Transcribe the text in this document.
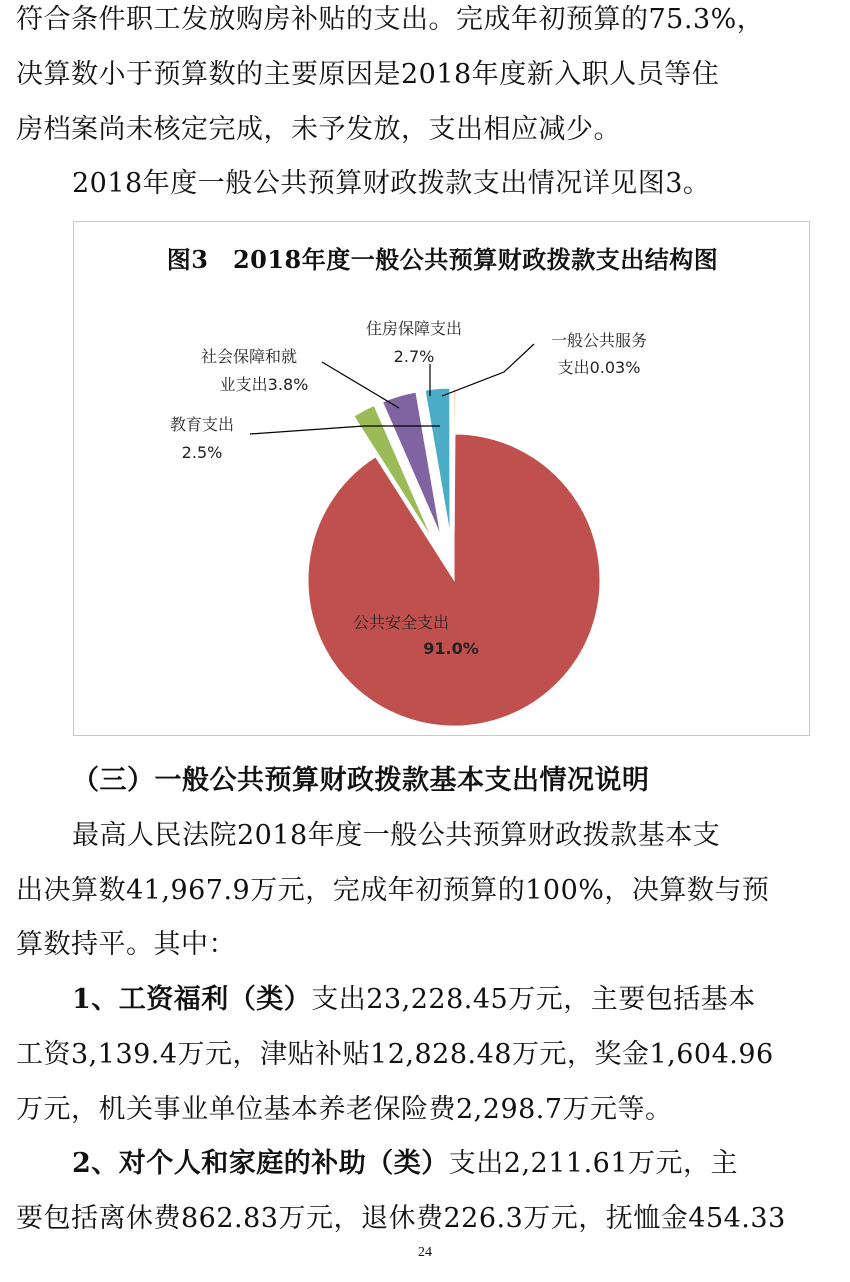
符合条件职工发放购房补贴的支出。完成年初预算的75.3%，
决算数小于预算数的主要原因是2018年度新入职人员等住
房档案尚未核定完成，未予发放，支出相应减少。
2018年度一般公共预算财政拨款支出情况详见图3。
图3　2018年度一般公共预算财政拨款支出结构图
公共安全支出
91.0%
教育支出
2.5%
社会保障和就
业支出3.8%
住房保障支出
2.7%
一般公共服务
支出0.03%
（三）一般公共预算财政拨款基本支出情况说明
最高人民法院2018年度一般公共预算财政拨款基本支
出决算数41,967.9万元，完成年初预算的100%，决算数与预
算数持平。其中：
1、工资福利（类）支出23,228.45万元，主要包括基本
工资3,139.4万元，津贴补贴12,828.48万元，奖金1,604.96
万元，机关事业单位基本养老保险费2,298.7万元等。
2、对个人和家庭的补助（类）支出2,211.61万元，主
要包括离休费862.83万元，退休费226.3万元，抚恤金454.33
24
